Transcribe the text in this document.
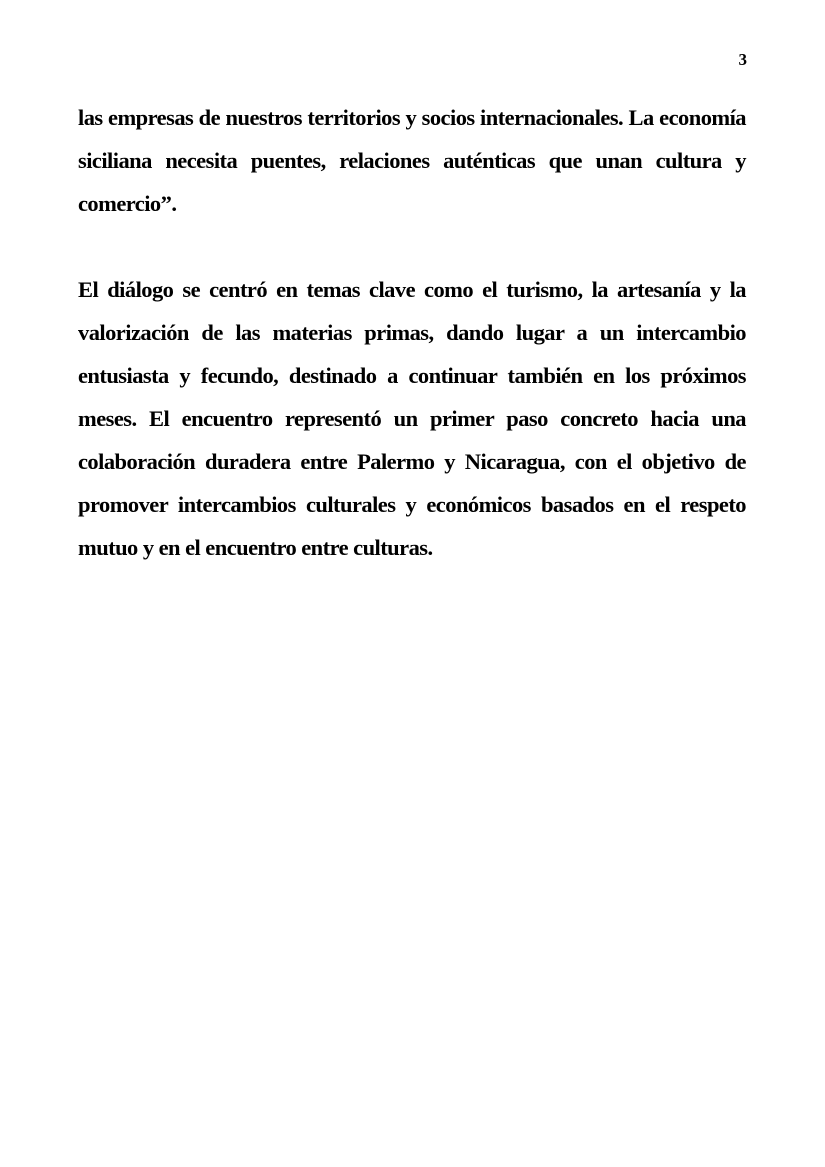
3

las empresas de nuestros territorios y socios internacionales. La economía siciliana necesita puentes, relaciones auténticas que unan cultura y comercio”.

El diálogo se centró en temas clave como el turismo, la artesanía y la valorización de las materias primas, dando lugar a un intercambio entusiasta y fecundo, destinado a continuar también en los próximos meses. El encuentro representó un primer paso concreto hacia una colaboración duradera entre Palermo y Nicaragua, con el objetivo de promover intercambios culturales y económicos basados en el respeto mutuo y en el encuentro entre culturas.
